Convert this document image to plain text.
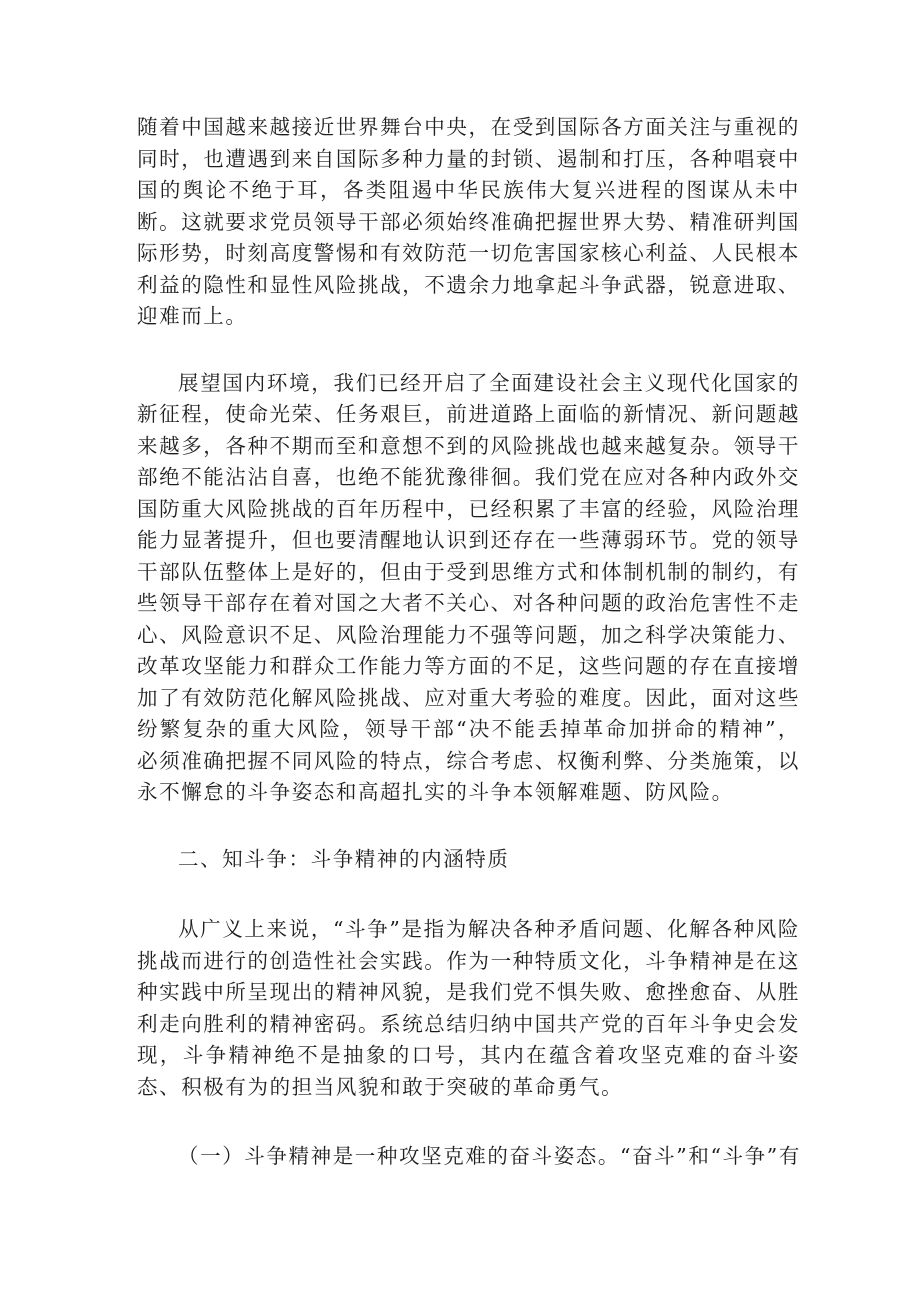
随着中国越来越接近世界舞台中央，在受到国际各方面关注与重视的同时，也遭遇到来自国际多种力量的封锁、遏制和打压，各种唱衰中国的舆论不绝于耳，各类阻遏中华民族伟大复兴进程的图谋从未中断。这就要求党员领导干部必须始终准确把握世界大势、精准研判国际形势，时刻高度警惕和有效防范一切危害国家核心利益、人民根本利益的隐性和显性风险挑战，不遗余力地拿起斗争武器，锐意进取、迎难而上。

展望国内环境，我们已经开启了全面建设社会主义现代化国家的新征程，使命光荣、任务艰巨，前进道路上面临的新情况、新问题越来越多，各种不期而至和意想不到的风险挑战也越来越复杂。领导干部绝不能沾沾自喜，也绝不能犹豫徘徊。我们党在应对各种内政外交国防重大风险挑战的百年历程中，已经积累了丰富的经验，风险治理能力显著提升，但也要清醒地认识到还存在一些薄弱环节。党的领导干部队伍整体上是好的，但由于受到思维方式和体制机制的制约，有些领导干部存在着对国之大者不关心、对各种问题的政治危害性不走心、风险意识不足、风险治理能力不强等问题，加之科学决策能力、改革攻坚能力和群众工作能力等方面的不足，这些问题的存在直接增加了有效防范化解风险挑战、应对重大考验的难度。因此，面对这些纷繁复杂的重大风险，领导干部“决不能丢掉革命加拼命的精神”，必须准确把握不同风险的特点，综合考虑、权衡利弊、分类施策，以永不懈怠的斗争姿态和高超扎实的斗争本领解难题、防风险。

二、知斗争：斗争精神的内涵特质

从广义上来说，“斗争”是指为解决各种矛盾问题、化解各种风险挑战而进行的创造性社会实践。作为一种特质文化，斗争精神是在这种实践中所呈现出的精神风貌，是我们党不惧失败、愈挫愈奋、从胜利走向胜利的精神密码。系统总结归纳中国共产党的百年斗争史会发现，斗争精神绝不是抽象的口号，其内在蕴含着攻坚克难的奋斗姿态、积极有为的担当风貌和敢于突破的革命勇气。

（一）斗争精神是一种攻坚克难的奋斗姿态。“奋斗”和“斗争”有
